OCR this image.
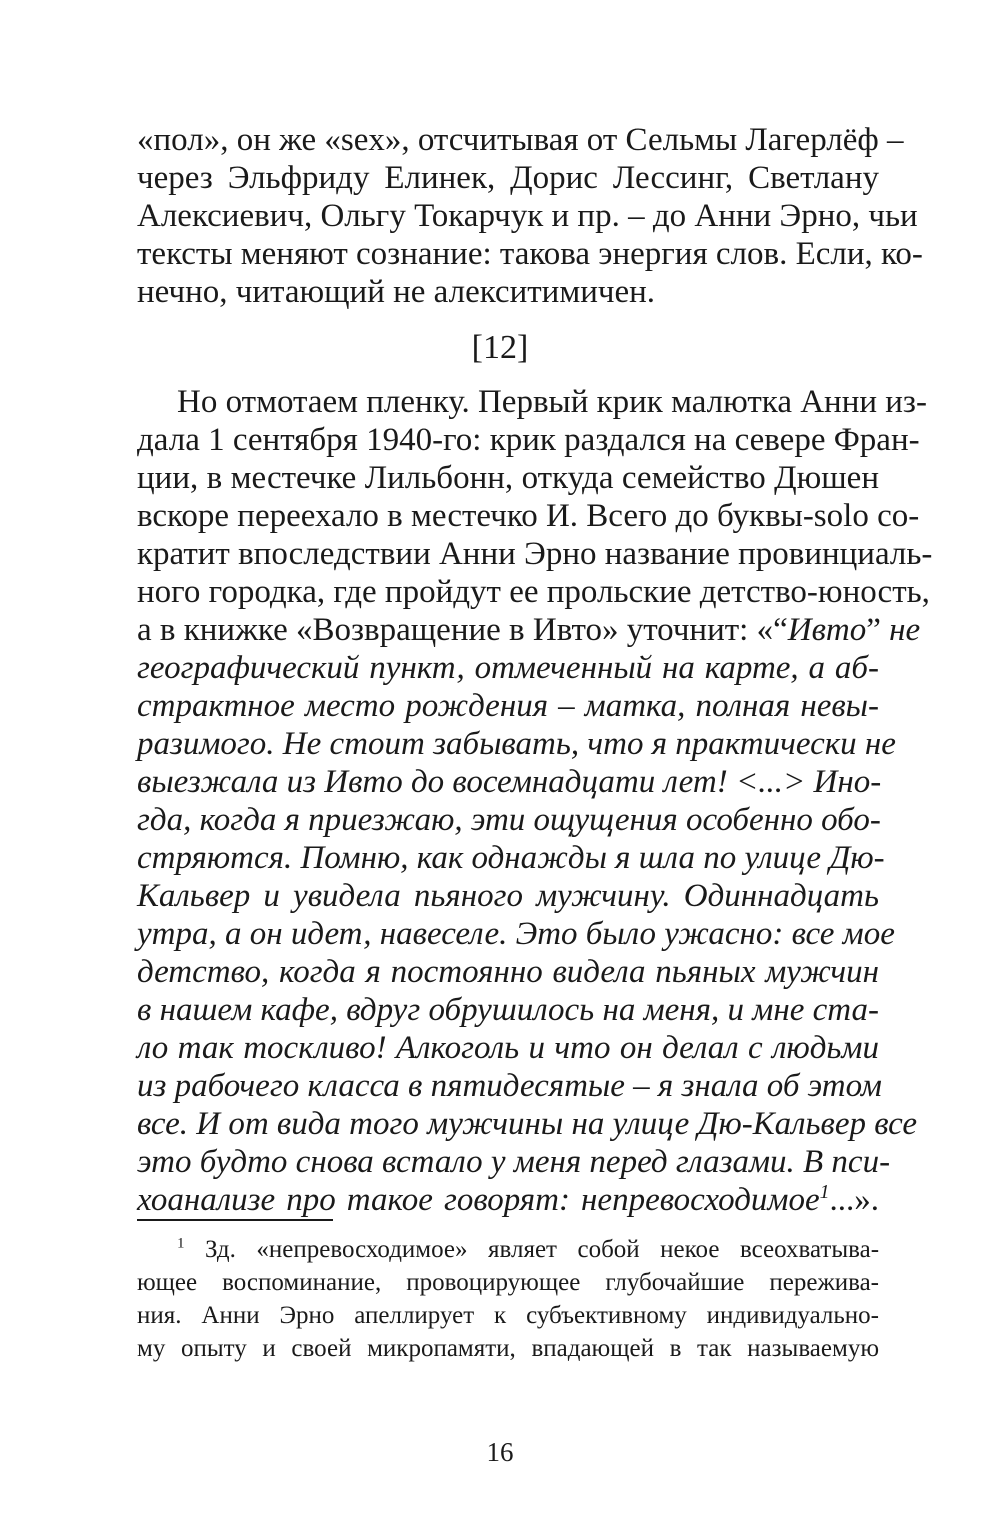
«пол», он же «sex», отсчитывая от Сельмы Лагерлёф –
через Эльфриду Елинек, Дорис Лессинг, Светлану
Алексиевич, Ольгу Токарчук и пр. – до Анни Эрно, чьи
тексты меняют сознание: такова энергия слов. Если, ко-
нечно, читающий не алекситимичен.
[12]
Но отмотаем пленку. Первый крик малютка Анни из-
дала 1 сентября 1940-го: крик раздался на севере Фран-
ции, в местечке Лильбонн, откуда семейство Дюшен
вскоре переехало в местечко И. Всего до буквы-solo со-
кратит впоследствии Анни Эрно название провинциаль-
ного городка, где пройдут ее прольские детство-юность,
а в книжке «Возвращение в Ивто» уточнит: «“Ивто” не
географический пункт, отмеченный на карте, а аб-
страктное место рождения – матка, полная невы-
разимого. Не стоит забывать, что я практически не
выезжала из Ивто до восемнадцати лет! <...> Ино-
гда, когда я приезжаю, эти ощущения особенно обо-
стряются. Помню, как однажды я шла по улице Дю-
Кальвер и увидела пьяного мужчину. Одиннадцать
утра, а он идет, навеселе. Это было ужасно: все мое
детство, когда я постоянно видела пьяных мужчин
в нашем кафе, вдруг обрушилось на меня, и мне ста-
ло так тоскливо! Алкоголь и что он делал с людьми
из рабочего класса в пятидесятые – я знала об этом
все. И от вида того мужчины на улице Дю-Кальвер все
это будто снова встало у меня перед глазами. В пси-
хоанализе про такое говорят: непревосходимое$^1$...».
$^1$ Зд. «непревосходимое» являет собой некое всеохватыва-
ющее воспоминание, провоцирующее глубочайшие пережива-
ния. Анни Эрно апеллирует к субъективному индивидуально-
му опыту и своей микропамяти, впадающей в так называемую
16
